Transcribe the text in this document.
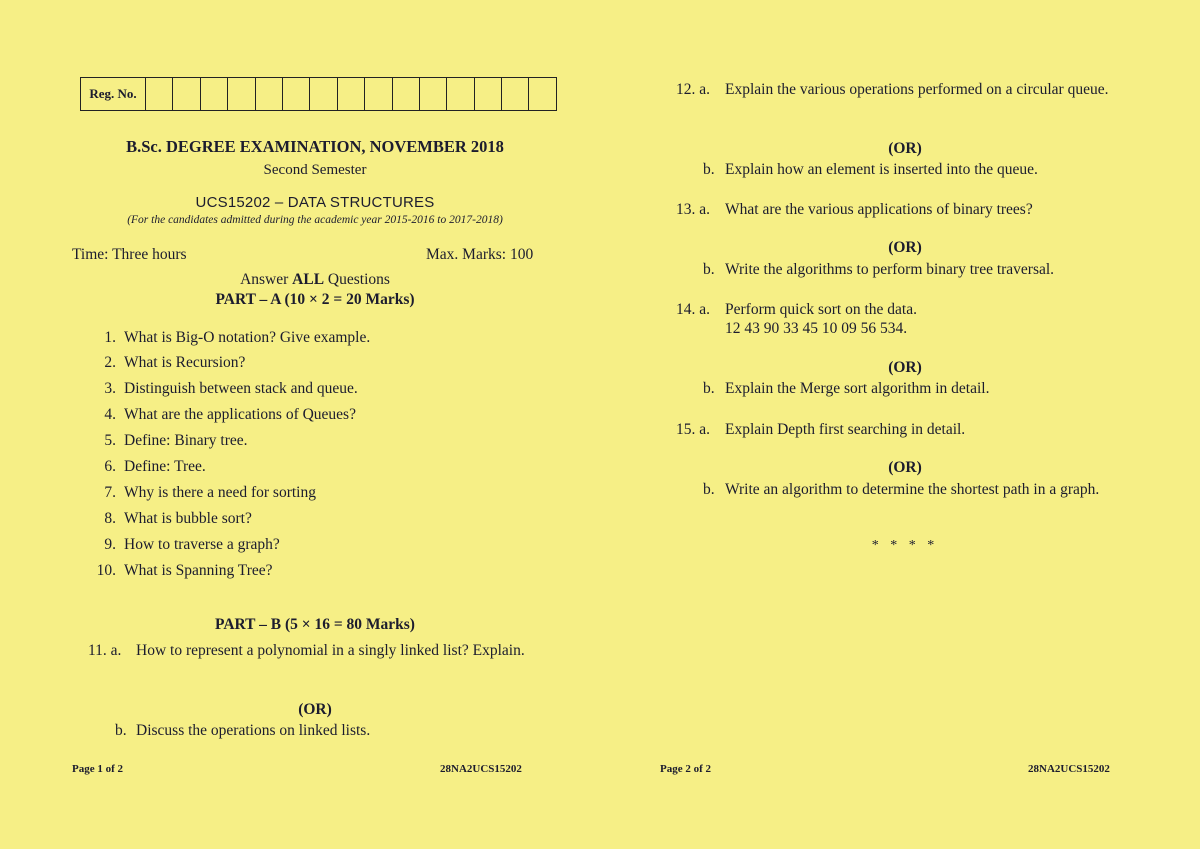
Reg. No.
B.Sc. DEGREE EXAMINATION, NOVEMBER 2018
Second Semester
UCS15202 – DATA STRUCTURES
(For the candidates admitted during the academic year 2015-2016 to 2017-2018)
Time: Three hours	Max. Marks: 100
Answer ALL Questions
PART – A (10 × 2 = 20 Marks)
1. What is Big-O notation? Give example.
2. What is Recursion?
3. Distinguish between stack and queue.
4. What are the applications of Queues?
5. Define: Binary tree.
6. Define: Tree.
7. Why is there a need for sorting
8. What is bubble sort?
9. How to traverse a graph?
10. What is Spanning Tree?
PART – B (5 × 16 = 80 Marks)
11. a. How to represent a polynomial in a singly linked list? Explain.
(OR)
b. Discuss the operations on linked lists.
Page 1 of 2	28NA2UCS15202
12. a. Explain the various operations performed on a circular queue.
(OR)
b. Explain how an element is inserted into the queue.
13. a. What are the various applications of binary trees?
(OR)
b. Write the algorithms to perform binary tree traversal.
14. a. Perform quick sort on the data.
12 43 90 33 45 10 09 56 534.
(OR)
b. Explain the Merge sort algorithm in detail.
15. a. Explain Depth first searching in detail.
(OR)
b. Write an algorithm to determine the shortest path in a graph.
* * * *
Page 2 of 2	28NA2UCS15202
